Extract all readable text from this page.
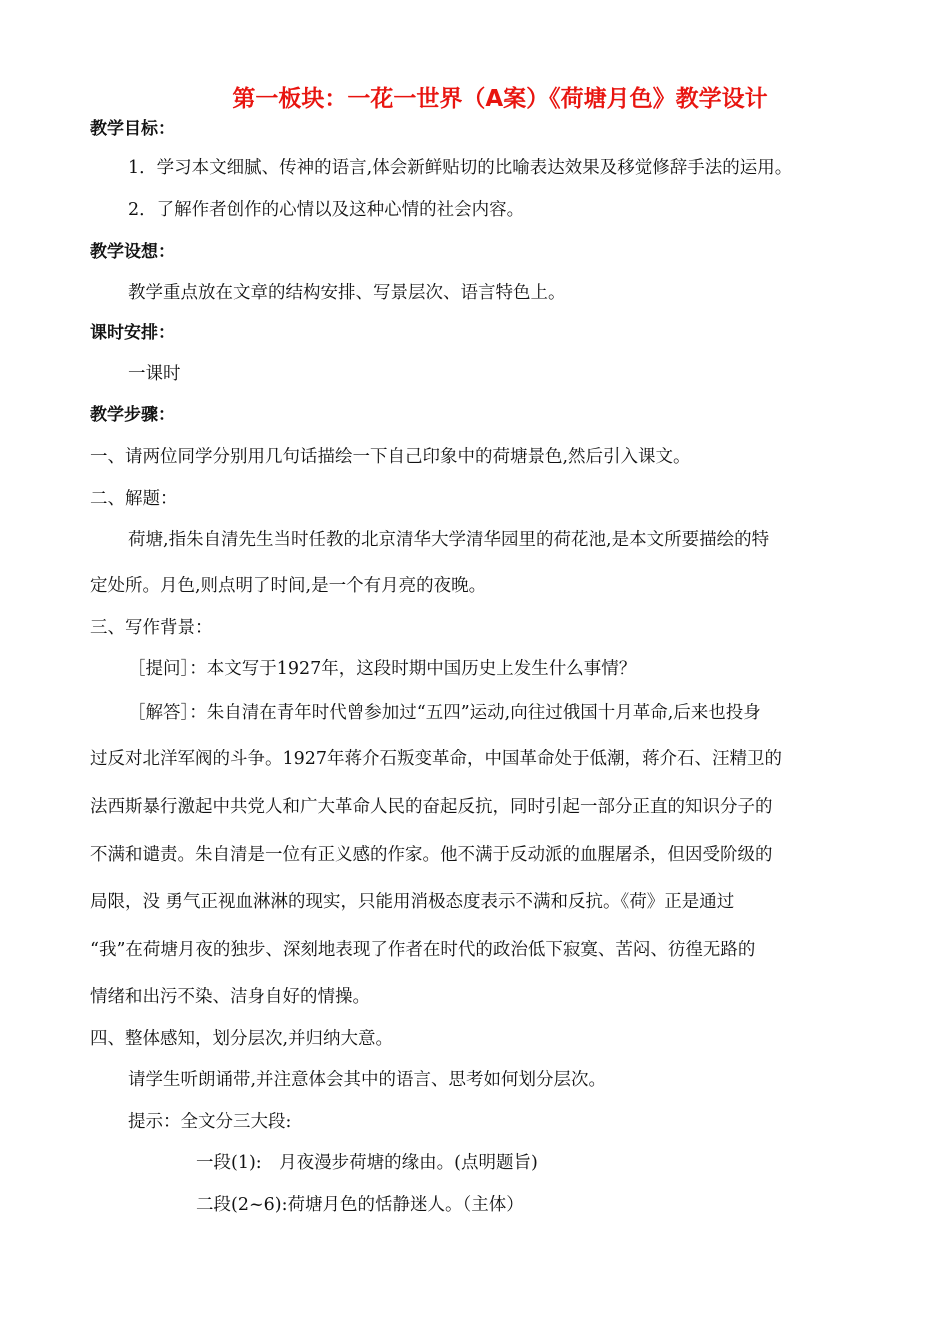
第一板块：一花一世界（A案）《荷塘月色》教学设计

教学目标：

1．学习本文细腻、传神的语言,体会新鲜贴切的比喻表达效果及移觉修辞手法的运用。

2．了解作者创作的心情以及这种心情的社会内容。

教学设想：

教学重点放在文章的结构安排、写景层次、语言特色上。

课时安排：

一课时

教学步骤：

一、请两位同学分别用几句话描绘一下自己印象中的荷塘景色,然后引入课文。

二、解题：

荷塘,指朱自清先生当时任教的北京清华大学清华园里的荷花池,是本文所要描绘的特

定处所。月色,则点明了时间,是一个有月亮的夜晚。

三、写作背景：

［提问］：本文写于1927年，这段时期中国历史上发生什么事情？

［解答］：朱自清在青年时代曾参加过“五四”运动,向往过俄国十月革命,后来也投身

过反对北洋军阀的斗争。1927年蒋介石叛变革命，中国革命处于低潮，蒋介石、汪精卫的

法西斯暴行激起中共党人和广大革命人民的奋起反抗，同时引起一部分正直的知识分子的

不满和谴责。朱自清是一位有正义感的作家。他不满于反动派的血腥屠杀，但因受阶级的

局限，没 勇气正视血淋淋的现实，只能用消极态度表示不满和反抗。《荷》正是通过

“我”在荷塘月夜的独步、深刻地表现了作者在时代的政治低下寂寞、苦闷、彷徨无路的

情绪和出污不染、洁身自好的情操。

四、整体感知，划分层次,并归纳大意。

请学生听朗诵带,并注意体会其中的语言、思考如何划分层次。

提示：全文分三大段:

一段(1):　月夜漫步荷塘的缘由。(点明题旨)

二段(2~6):荷塘月色的恬静迷人。（主体）
